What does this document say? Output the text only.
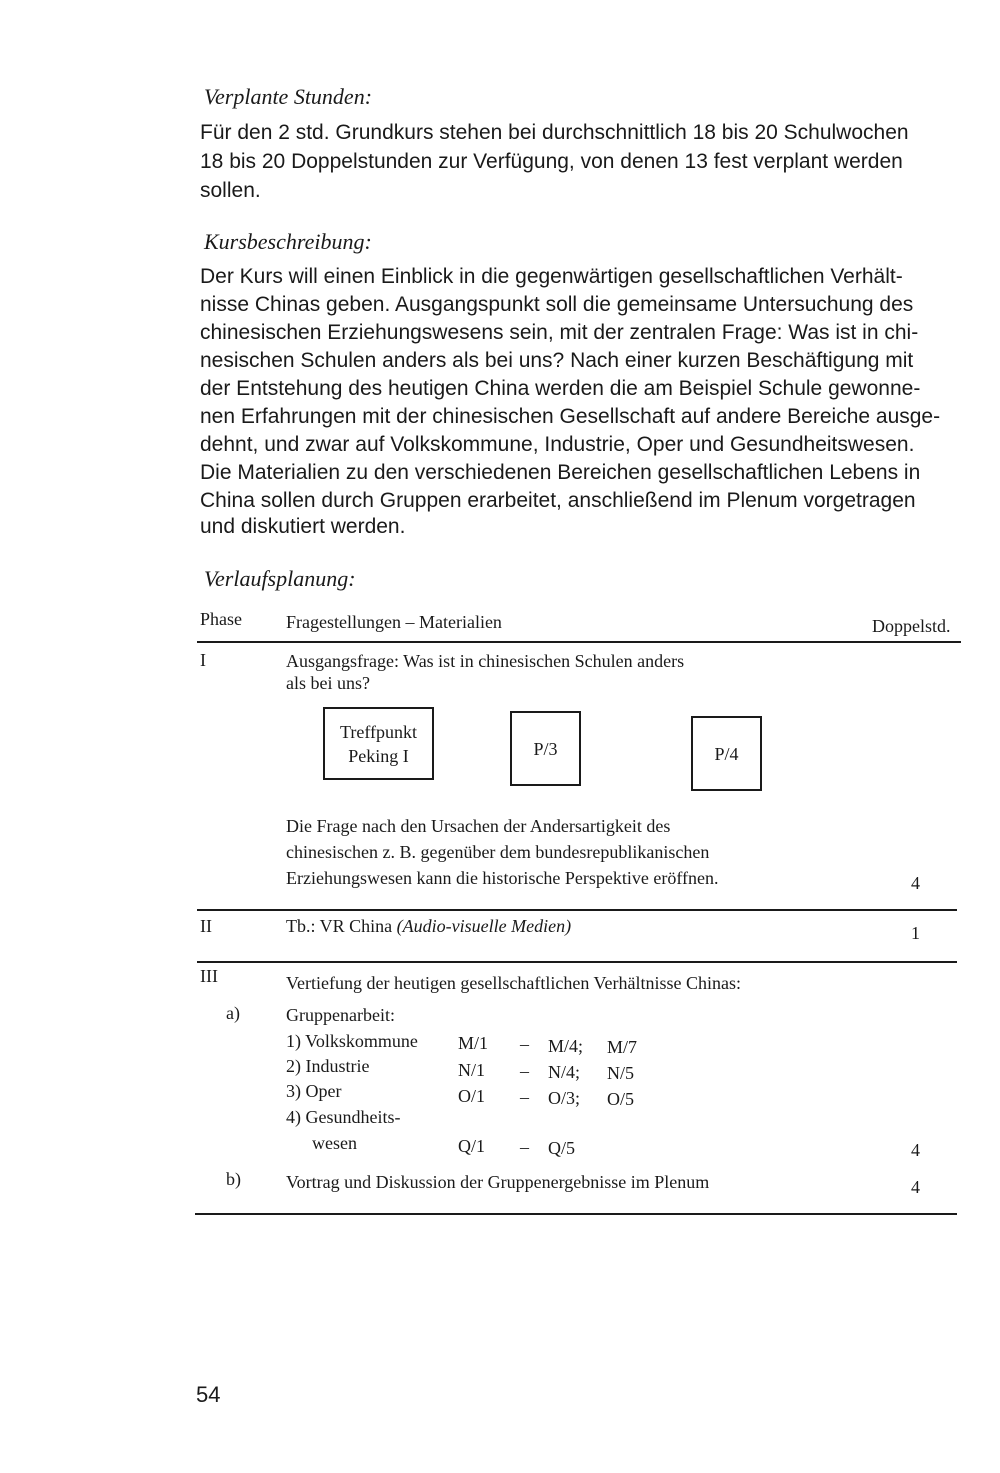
Verplante Stunden:
Für den 2 std. Grundkurs stehen bei durchschnittlich 18 bis 20 Schulwochen
18 bis 20 Doppelstunden zur Verfügung, von denen 13 fest verplant werden
sollen.
Kursbeschreibung:
Der Kurs will einen Einblick in die gegenwärtigen gesellschaftlichen Verhält-
nisse Chinas geben. Ausgangspunkt soll die gemeinsame Untersuchung des
chinesischen Erziehungswesens sein, mit der zentralen Frage: Was ist in chi-
nesischen Schulen anders als bei uns? Nach einer kurzen Beschäftigung mit
der Entstehung des heutigen China werden die am Beispiel Schule gewonne-
nen Erfahrungen mit der chinesischen Gesellschaft auf andere Bereiche ausge-
dehnt, und zwar auf Volkskommune, Industrie, Oper und Gesundheitswesen.
Die Materialien zu den verschiedenen Bereichen gesellschaftlichen Lebens in
China sollen durch Gruppen erarbeitet, anschließend im Plenum vorgetragen
und diskutiert werden.
Verlaufsplanung:
Phase Fragestellungen – Materialien	Doppelstd.
I	Ausgangsfrage: Was ist in chinesischen Schulen anders
als bei uns?
Treffpunkt
Peking I	P/3	P/4
Die Frage nach den Ursachen der Andersartigkeit des
chinesischen z. B. gegenüber dem bundesrepublikanischen
Erziehungswesen kann die historische Perspektive eröffnen.	4
II	Tb.: VR China (Audio-visuelle Medien)	1
III	Vertiefung der heutigen gesellschaftlichen Verhältnisse Chinas:
a)	Gruppenarbeit:
1) Volkskommune M/1 – M/4; M/7
2) Industrie	N/1 – N/4; N/5
3) Oper	O/1 – O/3; O/5
4) Gesundheits-
wesen	Q/1 – Q/5	4
b)	Vortrag und Diskussion der Gruppenergebnisse im Plenum	4
54
